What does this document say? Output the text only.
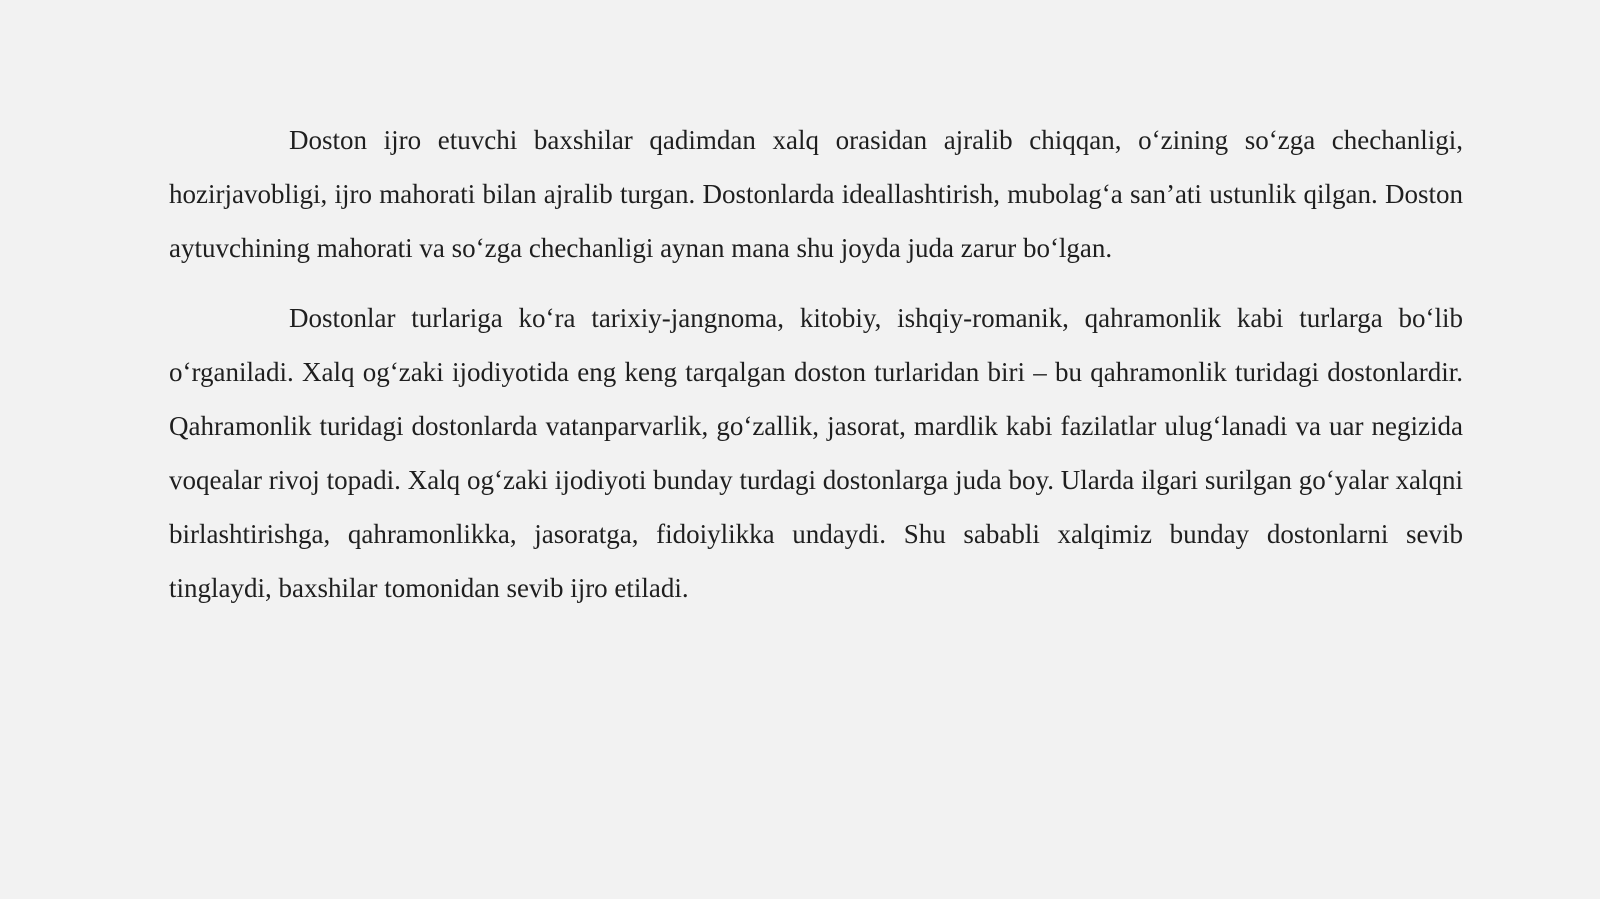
Doston ijro etuvchi baxshilar qadimdan xalq orasidan ajralib chiqqan, o‘zining so‘zga chechanligi, hozirjavobligi, ijro mahorati bilan ajralib turgan. Dostonlarda ideallashtirish, mubolag‘a san’ati ustunlik qilgan. Doston aytuvchining mahorati va so‘zga chechanligi aynan mana shu joyda juda zarur bo‘lgan.

Dostonlar turlariga ko‘ra tarixiy-jangnoma, kitobiy, ishqiy-romanik, qahramonlik kabi turlarga bo‘lib o‘rganiladi. Xalq og‘zaki ijodiyotida eng keng tarqalgan doston turlaridan biri – bu qahramonlik turidagi dostonlardir. Qahramonlik turidagi dostonlarda vatanparvarlik, go‘zallik, jasorat, mardlik kabi fazilatlar ulug‘lanadi va uar negizida voqealar rivoj topadi. Xalq og‘zaki ijodiyoti bunday turdagi dostonlarga juda boy. Ularda ilgari surilgan go‘yalar xalqni birlashtirishga, qahramonlikka, jasoratga, fidoiylikka undaydi. Shu sababli xalqimiz bunday dostonlarni sevib tinglaydi, baxshilar tomonidan sevib ijro etiladi.
